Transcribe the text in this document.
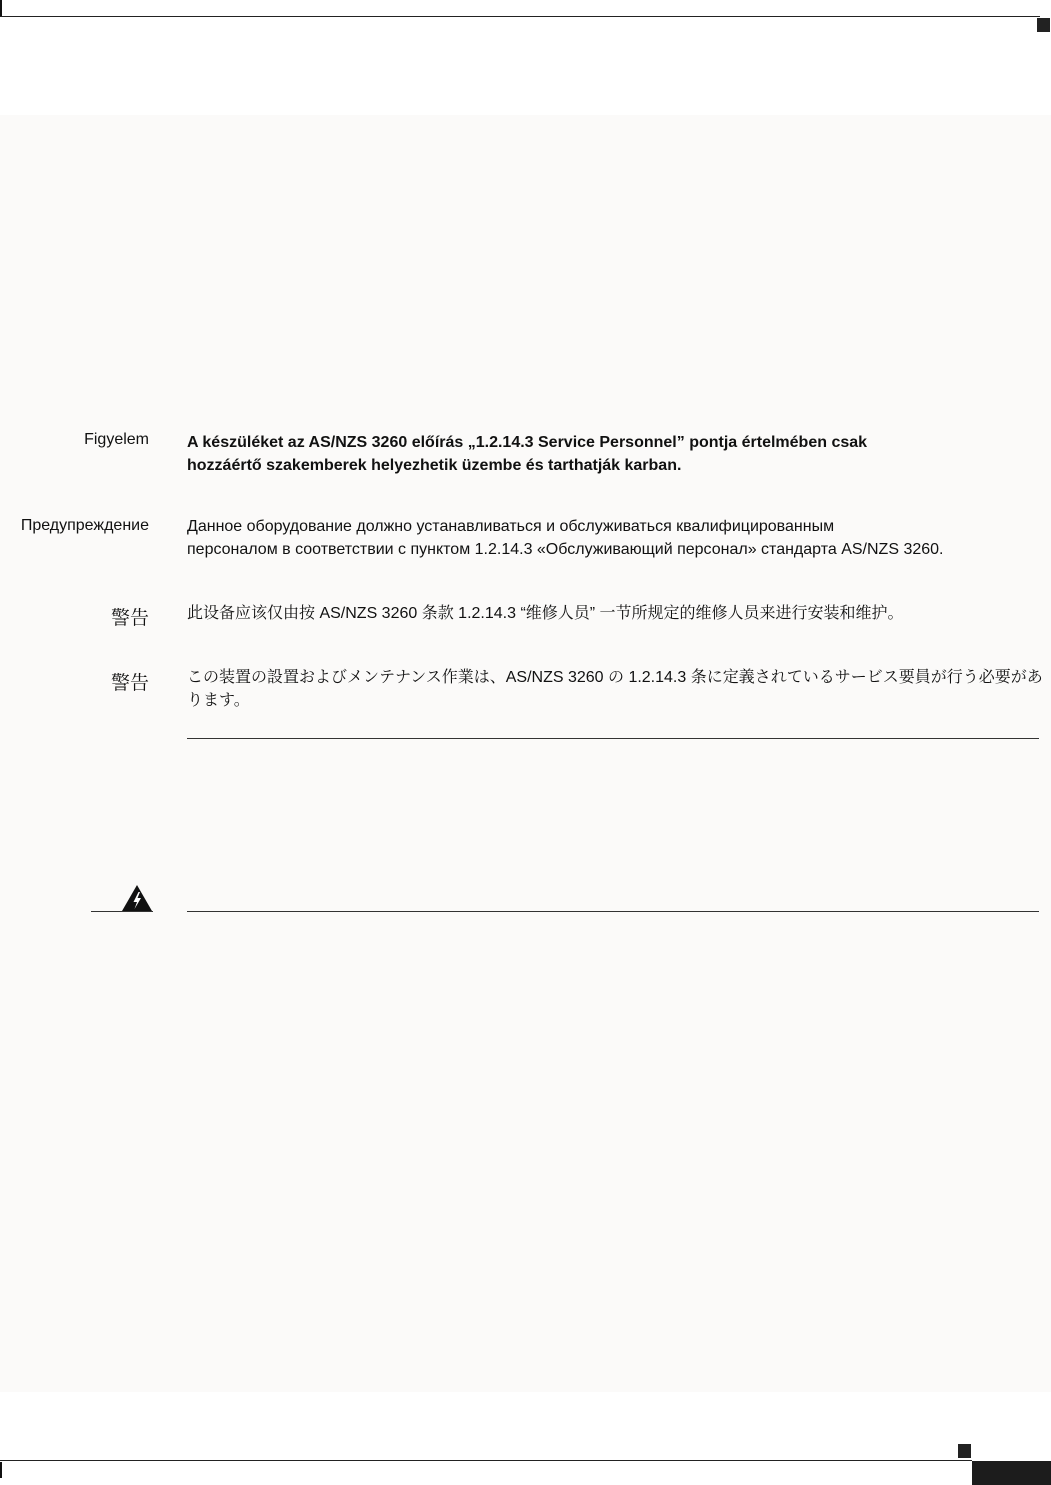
Figyelem A készüléket az AS/NZS 3260 előírás „1.2.14.3 Service Personnel” pontja értelmében csak
hozzáértő szakemberek helyezhetik üzembe és tarthatják karban.
Предупреждение Данное оборудование должно устанавливаться и обслуживаться квалифицированным
персоналом в соответствии с пунктом 1.2.14.3 «Обслуживающий персонал» стандарта AS/NZS 3260.
警告 此设备应该仅由按 AS/NZS 3260 条款 1.2.14.3 “维修人员” 一节所规定的维修人员来进行安装和维护。
警告 この装置の設置およびメンテナンス作業は、AS/NZS 3260 の 1.2.14.3 条に定義されているサービス要員が行う必要があ
ります。
